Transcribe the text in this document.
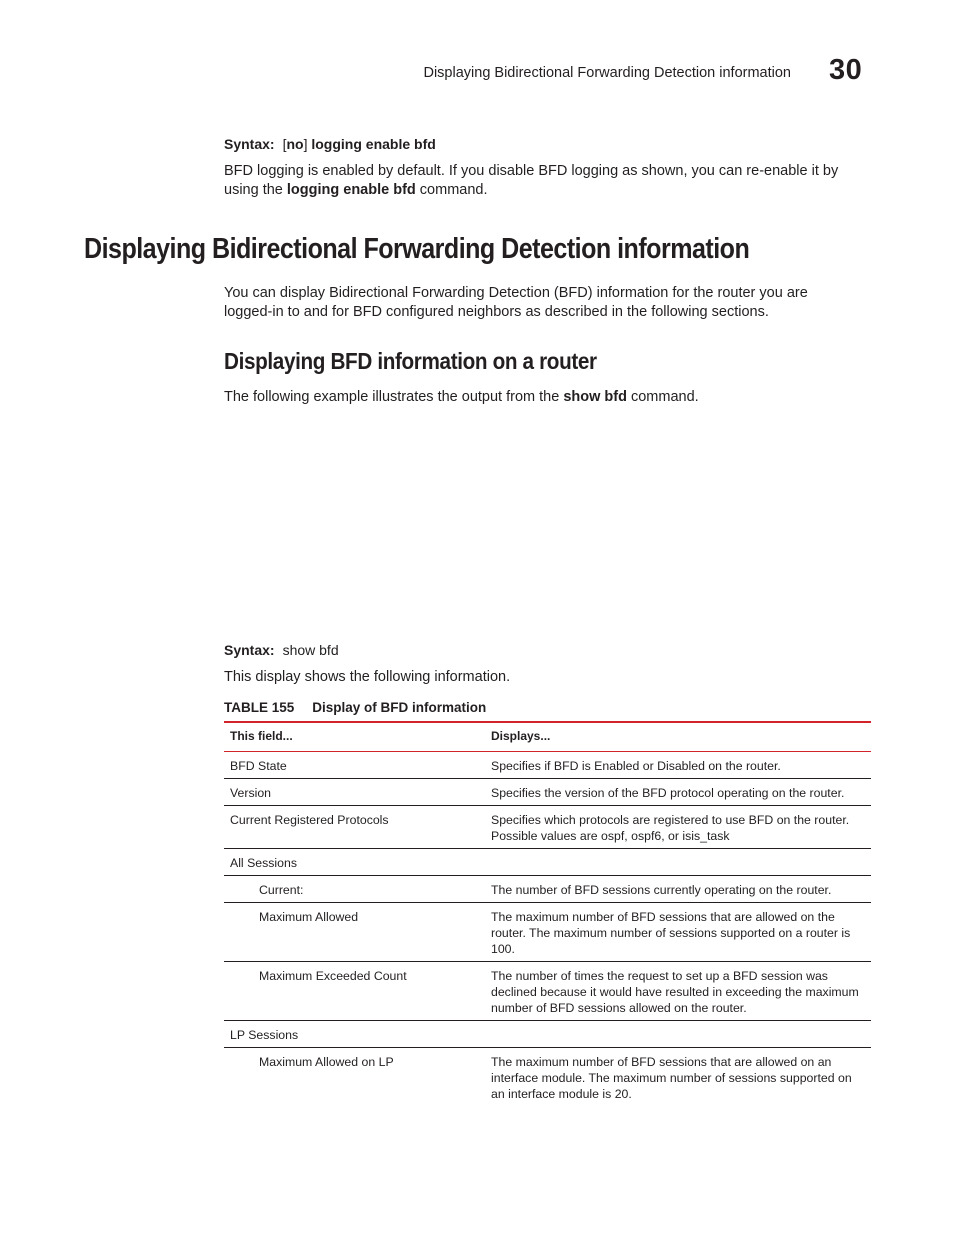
Displaying Bidirectional Forwarding Detection information 30
Syntax: [no] logging enable bfd
BFD logging is enabled by default. If you disable BFD logging as shown, you can re-enable it by using the logging enable bfd command.
Displaying Bidirectional Forwarding Detection information
You can display Bidirectional Forwarding Detection (BFD) information for the router you are logged-in to and for BFD configured neighbors as described in the following sections.
Displaying BFD information on a router
The following example illustrates the output from the show bfd command.
Syntax: show bfd
This display shows the following information.
TABLE 155 Display of BFD information
This field...	Displays...
BFD State	Specifies if BFD is Enabled or Disabled on the router.
Version	Specifies the version of the BFD protocol operating on the router.
Current Registered Protocols	Specifies which protocols are registered to use BFD on the router. Possible values are ospf, ospf6, or isis_task
All Sessions	
Current:	The number of BFD sessions currently operating on the router.
Maximum Allowed	The maximum number of BFD sessions that are allowed on the router. The maximum number of sessions supported on a router is 100.
Maximum Exceeded Count	The number of times the request to set up a BFD session was declined because it would have resulted in exceeding the maximum number of BFD sessions allowed on the router.
LP Sessions	
Maximum Allowed on LP	The maximum number of BFD sessions that are allowed on an interface module. The maximum number of sessions supported on an interface module is 20.
